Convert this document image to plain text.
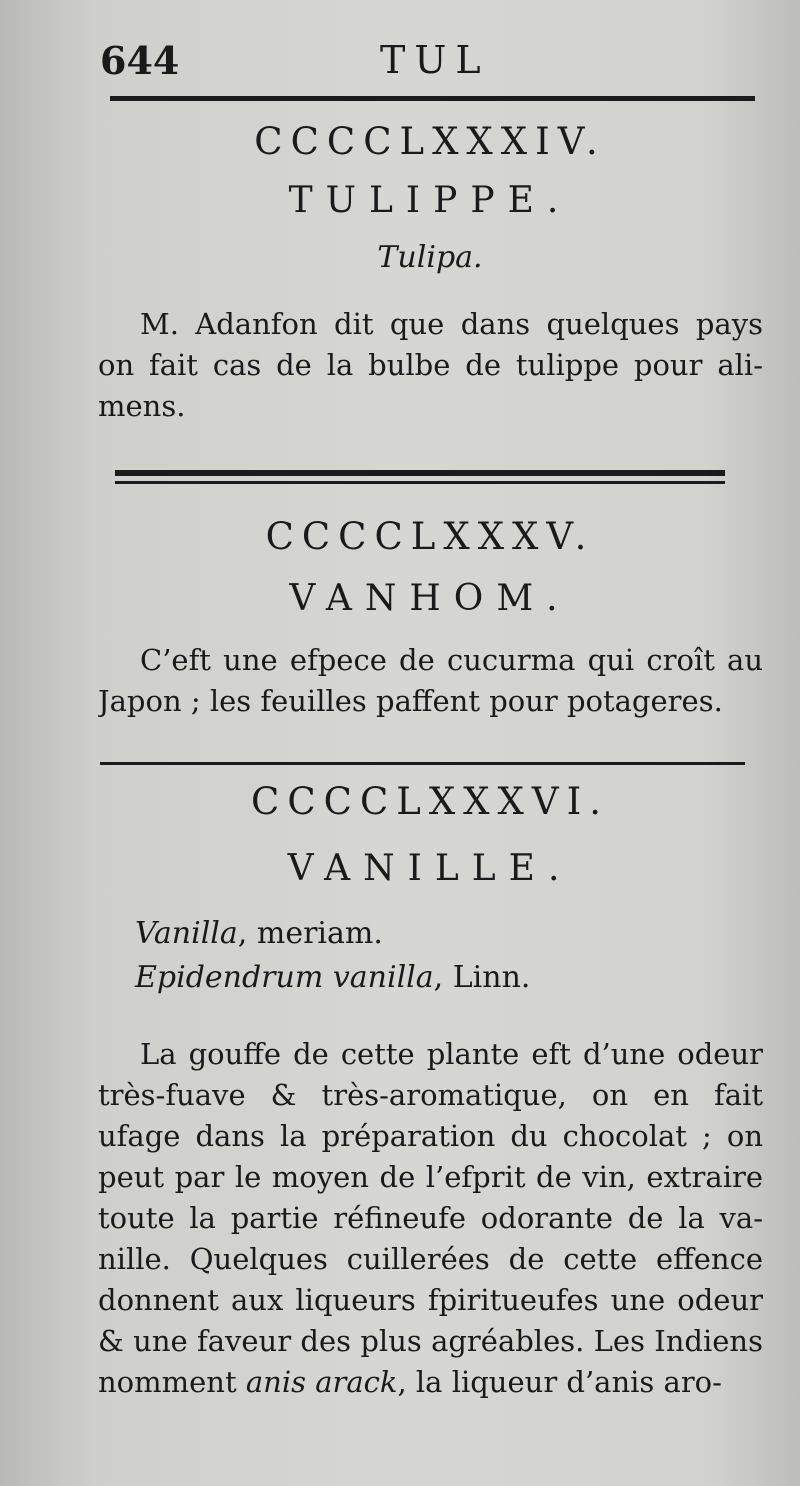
644	TUL
CCCCLXXXIV.
TULIPPE.
Tulipa.
M. Adanfon dit que dans quelques pays
on fait cas de la bulbe de tulippe pour ali-
mens.
CCCCLXXXV.
VANHOM.
C’eft une efpece de cucurma qui croît au
Japon ; les feuilles paffent pour potageres.
CCCCLXXXVI.
VANILLE.
Vanilla, meriam.
Epidendrum vanilla, Linn.
La gouffe de cette plante eft d’une odeur
très-fuave & très-aromatique, on en fait
ufage dans la préparation du chocolat ; on
peut par le moyen de l’efprit de vin, extraire
toute la partie réfineufe odorante de la va-
nille. Quelques cuillerées de cette effence
donnent aux liqueurs fpiritueufes une odeur
& une faveur des plus agréables. Les Indiens
nomment anis arack, la liqueur d’anis aro-
